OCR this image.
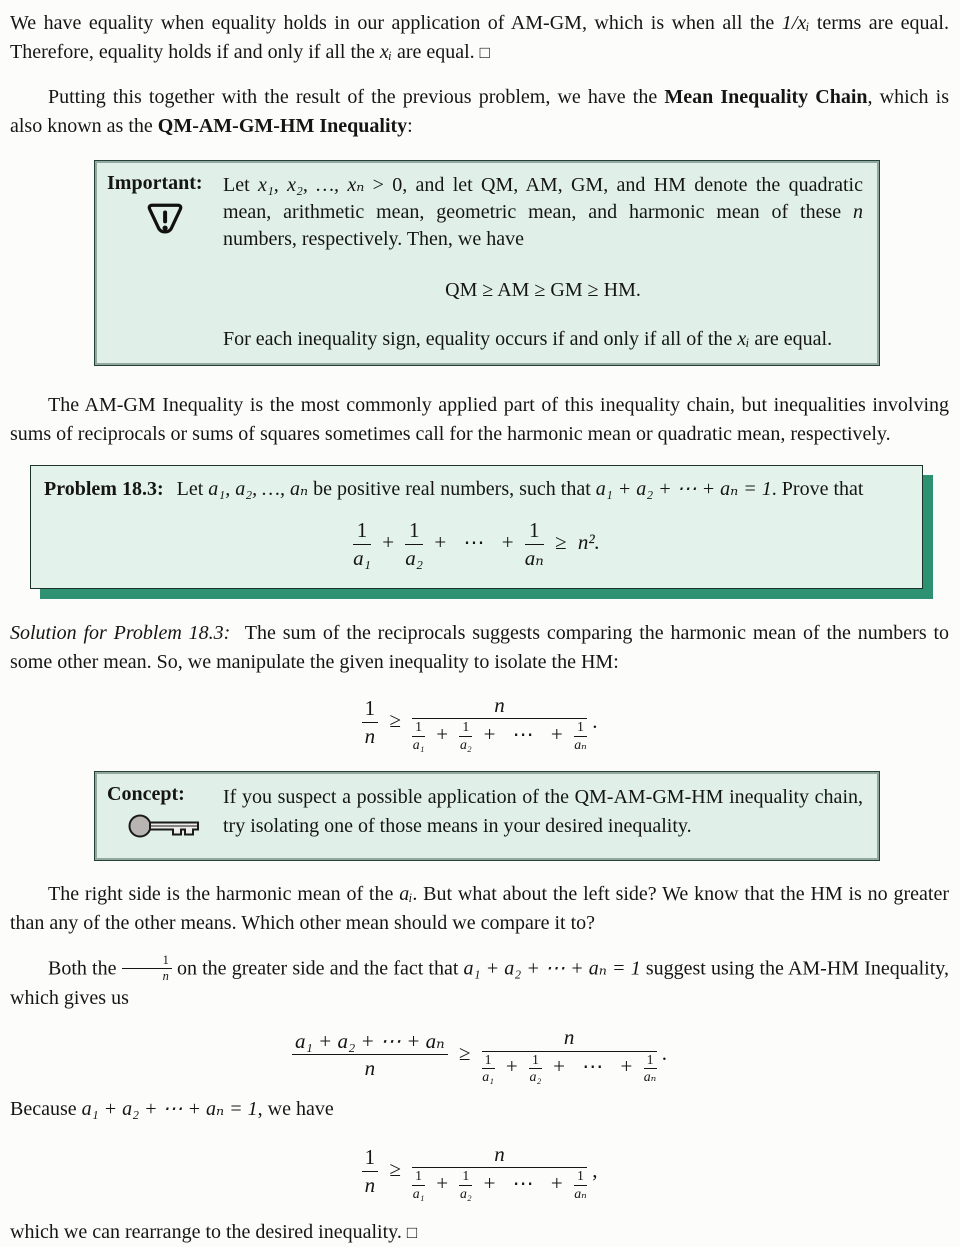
We have equality when equality holds in our application of AM-GM, which is when all the 1/xᵢ terms are equal. Therefore, equality holds if and only if all the xᵢ are equal. □

Putting this together with the result of the previous problem, we have the Mean Inequality Chain, which is also known as the QM-AM-GM-HM Inequality:

Important:	Let x₁, x₂, …, xₙ > 0, and let QM, AM, GM, and HM denote the quadratic mean, arithmetic mean, geometric mean, and harmonic mean of these n numbers, respectively. Then, we have

QM ≥ AM ≥ GM ≥ HM.

For each inequality sign, equality occurs if and only if all of the xᵢ are equal.

The AM-GM Inequality is the most commonly applied part of this inequality chain, but inequalities involving sums of reciprocals or sums of squares sometimes call for the harmonic mean or quadratic mean, respectively.

Problem 18.3: Let a₁, a₂, …, aₙ be positive real numbers, such that a₁ + a₂ + ⋯ + aₙ = 1. Prove that

$\frac{1}{\text{a₁}} + \frac{1}{\text{a₂}}$ + ⋯ + $\frac{1}{\text{aₙ}} \ge n^2$.

Solution for Problem 18.3: The sum of the reciprocals suggests comparing the harmonic mean of the numbers to some other mean. So, we manipulate the given inequality to isolate the HM:

$\frac{1}{n}$ ≥
n
$\frac{1}{\text{a₁}} + \frac{1}{\text{a₂}}$ + ⋯ + $\frac{1}{\text{aₙ}}$
.
Concept:	If you suspect a possible application of the QM-AM-GM-HM inequality chain, try isolating one of those means in your desired inequality.

The right side is the harmonic mean of the aᵢ. But what about the left side? We know that the HM is no greater than any of the other means. Which other mean should we compare it to?

Both the $\frac{1}{n}$ on the greater side and the fact that a₁ + a₂ + ⋯ + aₙ = 1 suggest using the AM-HM Inequality, which gives us

$\frac{\text{a₁ + a₂ + ⋯ + aₙ}}{n}$ ≥
n
$\frac{1}{\text{a₁}} + \frac{1}{\text{a₂}}$ + ⋯ + $\frac{1}{\text{aₙ}}$
.

Because a₁ + a₂ + ⋯ + aₙ = 1, we have

$\frac{1}{n}$ ≥
n
$\frac{1}{\text{a₁}} + \frac{1}{\text{a₂}}$ + ⋯ + $\frac{1}{\text{aₙ}}$
,

which we can rearrange to the desired inequality. □
